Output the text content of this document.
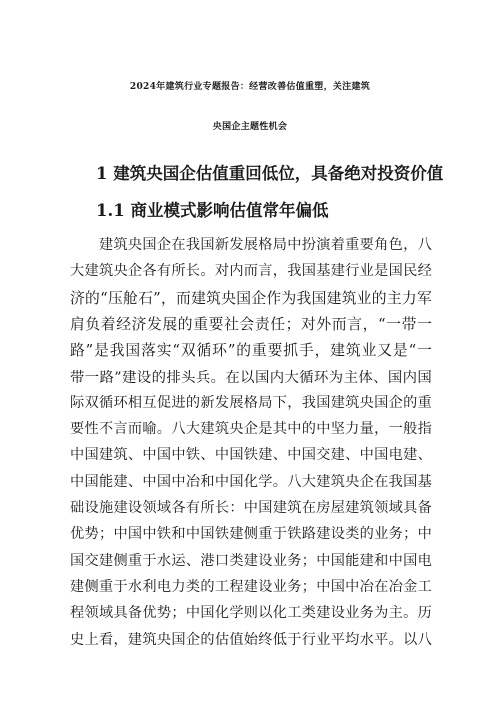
2024年建筑行业专题报告：经营改善估值重塑，关注建筑
央国企主题性机会
1 建筑央国企估值重回低位，具备绝对投资价值
1.1 商业模式影响估值常年偏低
　　建筑央国企在我国新发展格局中扮演着重要角色，八
大建筑央企各有所长。对内而言，我国基建行业是国民经
济的“压舱石”，而建筑央国企作为我国建筑业的主力军
肩负着经济发展的重要社会责任；对外而言，“一带一
路”是我国落实“双循环”的重要抓手，建筑业又是“一
带一路”建设的排头兵。在以国内大循环为主体、国内国
际双循环相互促进的新发展格局下，我国建筑央国企的重
要性不言而喻。八大建筑央企是其中的中坚力量，一般指
中国建筑、中国中铁、中国铁建、中国交建、中国电建、
中国能建、中国中冶和中国化学。八大建筑央企在我国基
础设施建设领域各有所长：中国建筑在房屋建筑领域具备
优势；中国中铁和中国铁建侧重于铁路建设类的业务；中
国交建侧重于水运、港口类建设业务；中国能建和中国电
建侧重于水利电力类的工程建设业务；中国中冶在冶金工
程领域具备优势；中国化学则以化工类建设业务为主。历
史上看，建筑央国企的估值始终低于行业平均水平。以八
